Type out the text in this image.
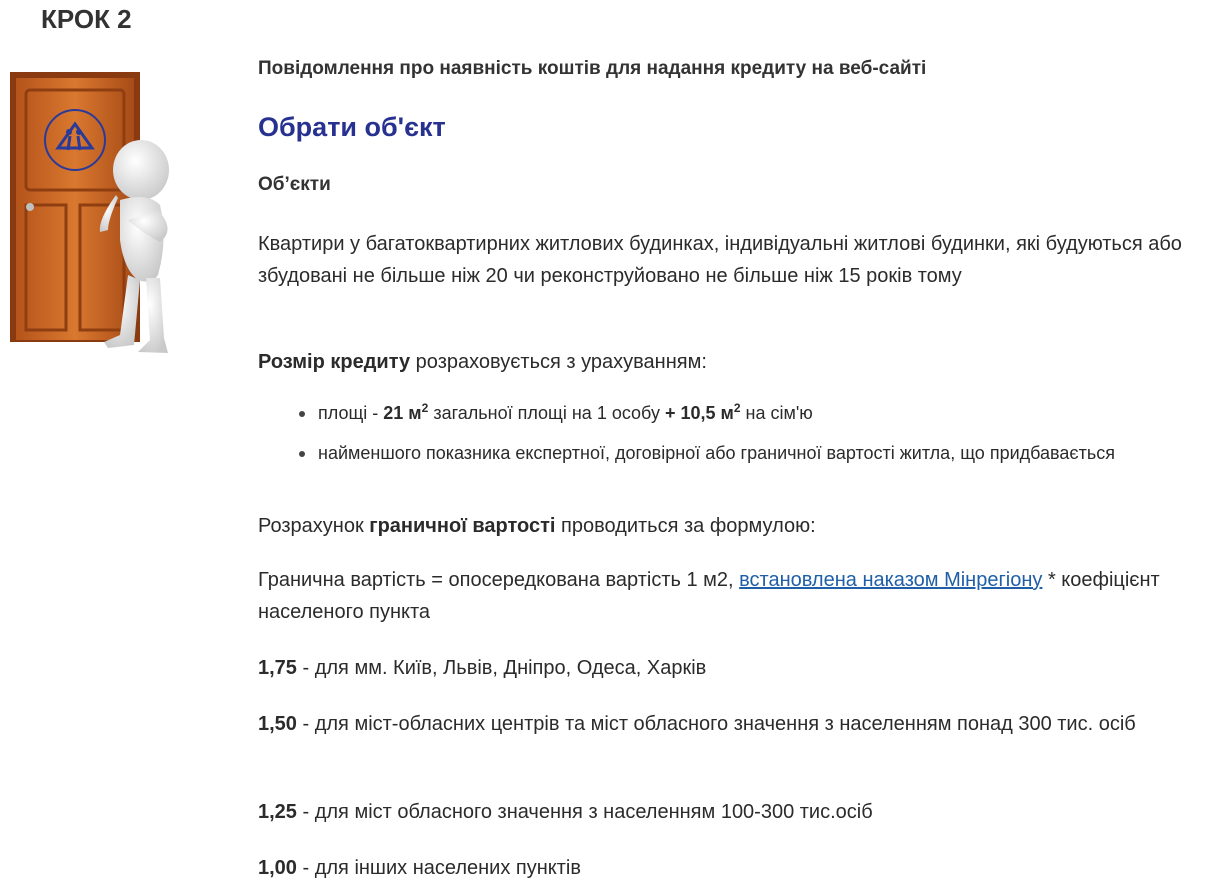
КРОК 2
Повідомлення про наявність коштів для надання кредиту на веб-сайті
Обрати об'єкт
Об’єкти

Квартири у багатоквартирних житлових будинках, індивідуальні житлові будинки, які будуються або збудовані не більше ніж 20 чи реконструйовано не більше ніж 15 років тому

Розмір кредиту розраховується з урахуванням:

площі - 21 $м^2$ загальної площі на 1 особу + 10,5 $м^2$ на сім'ю
найменшого показника експертної, договірної або граничної вартості житла, що придбавається

Розрахунок граничної вартості проводиться за формулою:

Гранична вартість = опосередкована вартість 1 м2, встановлена наказом Мінрегіону * коефіцієнт населеного пункта

1,75 - для мм. Київ, Львів, Дніпро, Одеса, Харків

1,50 - для міст-обласних центрів та міст обласного значення з населенням понад 300 тис. осіб

1,25 - для міст обласного значення з населенням 100-300 тис.осіб

1,00 - для інших населених пунктів
